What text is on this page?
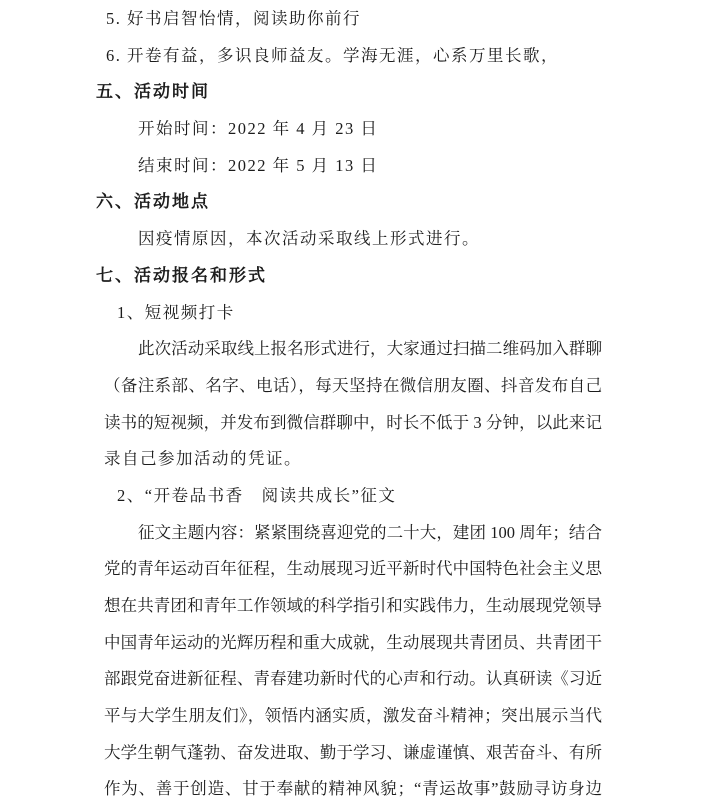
5. 好书启智怡情，阅读助你前行
6. 开卷有益，多识良师益友。学海无涯，心系万里长歌，
五、活动时间
开始时间：2022 年 4 月 23 日
结束时间：2022 年 5 月 13 日
六、活动地点
因疫情原因，本次活动采取线上形式进行。
七、活动报名和形式
1、短视频打卡
此次活动采取线上报名形式进行，大家通过扫描二维码加入群聊
（备注系部、名字、电话），每天坚持在微信朋友圈、抖音发布自己
读书的短视频，并发布到微信群聊中，时长不低于 3 分钟，以此来记
录自己参加活动的凭证。
2、“开卷品书香　阅读共成长”征文
征文主题内容：紧紧围绕喜迎党的二十大，建团 100 周年；结合
党的青年运动百年征程，生动展现习近平新时代中国特色社会主义思
想在共青团和青年工作领域的科学指引和实践伟力，生动展现党领导
中国青年运动的光辉历程和重大成就，生动展现共青团员、共青团干
部跟党奋进新征程、青春建功新时代的心声和行动。认真研读《习近
平与大学生朋友们》，领悟内涵实质，激发奋斗精神；突出展示当代
大学生朝气蓬勃、奋发进取、勤于学习、谦虚谨慎、艰苦奋斗、有所
作为、善于创造、甘于奉献的精神风貌；“青运故事”鼓励寻访身边
